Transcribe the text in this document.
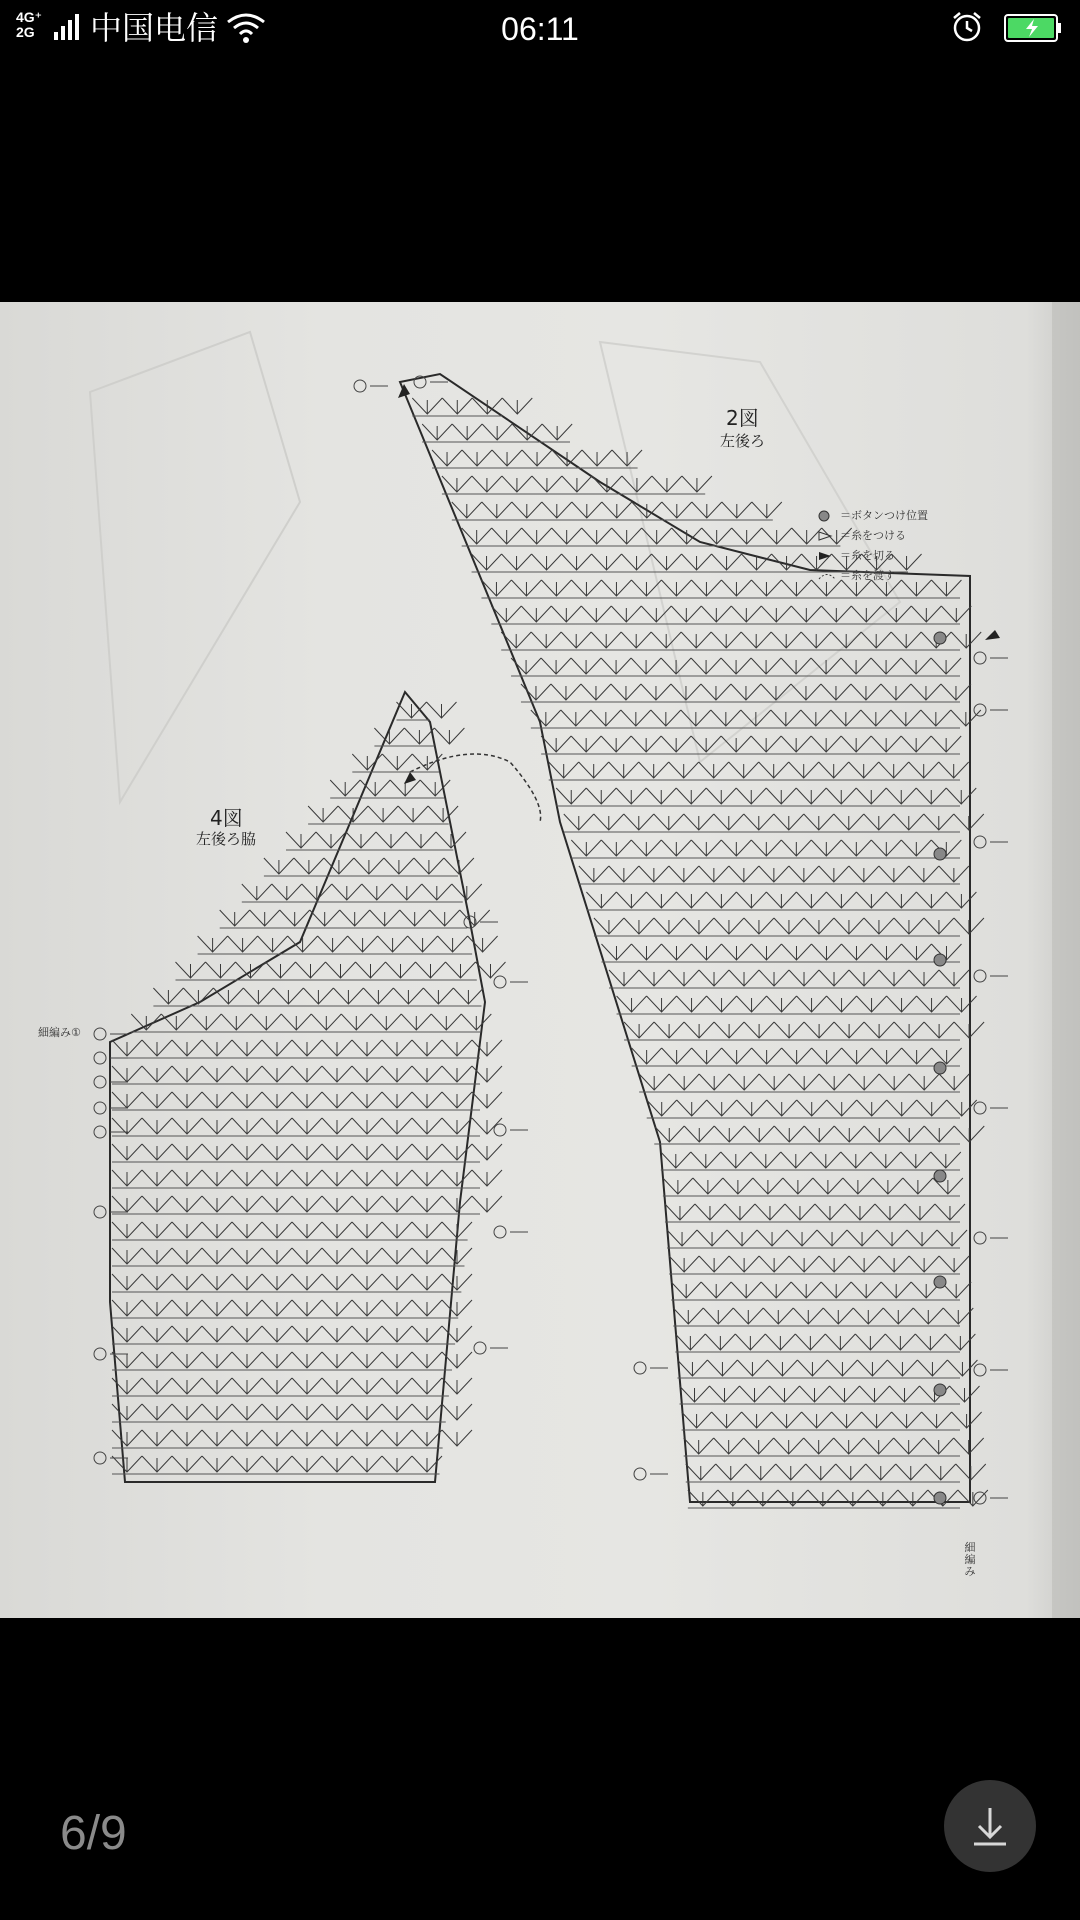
4G⁺
2G	中国电信	06:11
2図
左後ろ
4図
左後ろ脇
＝ボタンつけ位置
＝糸をつける
＝糸を切る
＝糸を渡す
細編み
細編み①
6/9
